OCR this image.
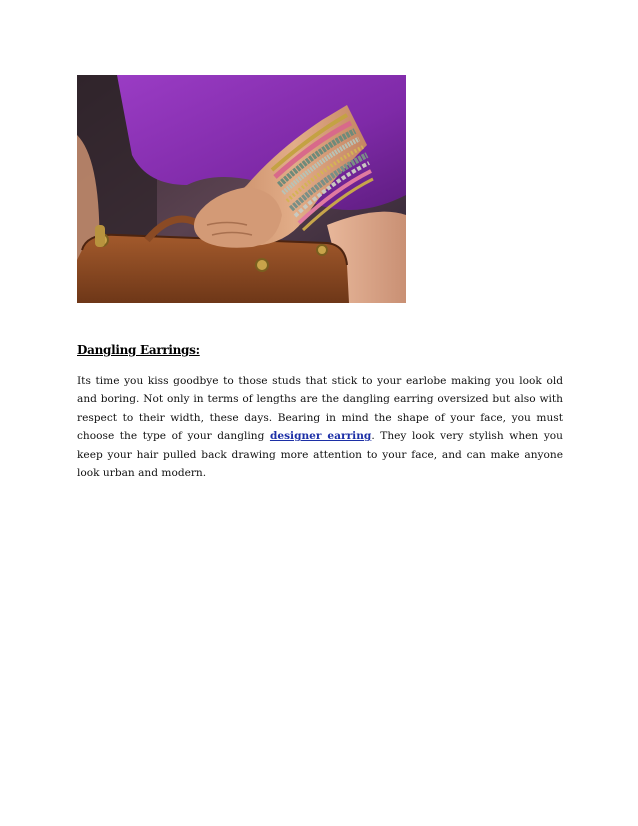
Dangling Earrings:

Its time you kiss goodbye to those studs that stick to your earlobe making you look old and boring. Not only in terms of lengths are the dangling earring oversized but also with respect to their width, these days. Bearing in mind the shape of your face, you must choose the type of your dangling designer earring. They look very stylish when you keep your hair pulled back drawing more attention to your face, and can make anyone look urban and modern.
